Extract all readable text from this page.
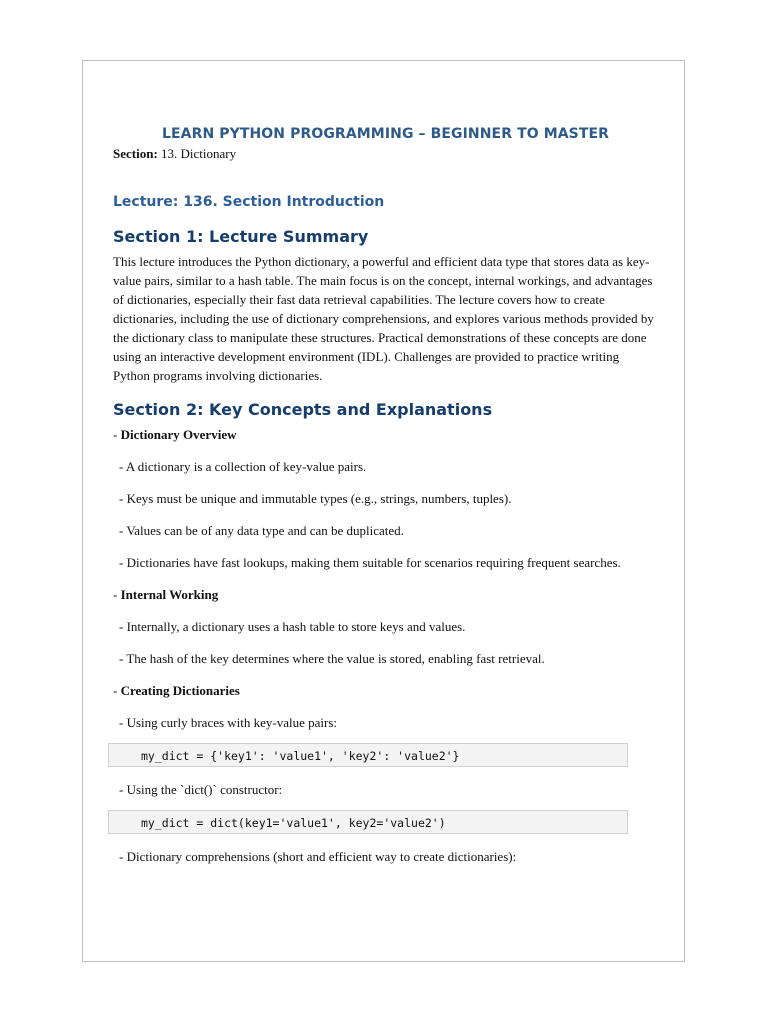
LEARN PYTHON PROGRAMMING – BEGINNER TO MASTER

Section: 13. Dictionary

Lecture: 136. Section Introduction
Section 1: Lecture Summary

This lecture introduces the Python dictionary, a powerful and efficient data type that stores data as key-value pairs, similar to a hash table. The main focus is on the concept, internal workings, and advantages of dictionaries, especially their fast data retrieval capabilities. The lecture covers how to create dictionaries, including the use of dictionary comprehensions, and explores various methods provided by the dictionary class to manipulate these structures. Practical demonstrations of these concepts are done using an interactive development environment (IDL). Challenges are provided to practice writing Python programs involving dictionaries.

Section 2: Key Concepts and Explanations

- Dictionary Overview

- A dictionary is a collection of key-value pairs.

- Keys must be unique and immutable types (e.g., strings, numbers, tuples).

- Values can be of any data type and can be duplicated.

- Dictionaries have fast lookups, making them suitable for scenarios requiring frequent searches.

- Internal Working

- Internally, a dictionary uses a hash table to store keys and values.

- The hash of the key determines where the value is stored, enabling fast retrieval.

- Creating Dictionaries

- Using curly braces with key-value pairs:

my_dict = {'key1': 'value1', 'key2': 'value2'}

- Using the `dict()` constructor:

my_dict = dict(key1='value1', key2='value2')

- Dictionary comprehensions (short and efficient way to create dictionaries):
